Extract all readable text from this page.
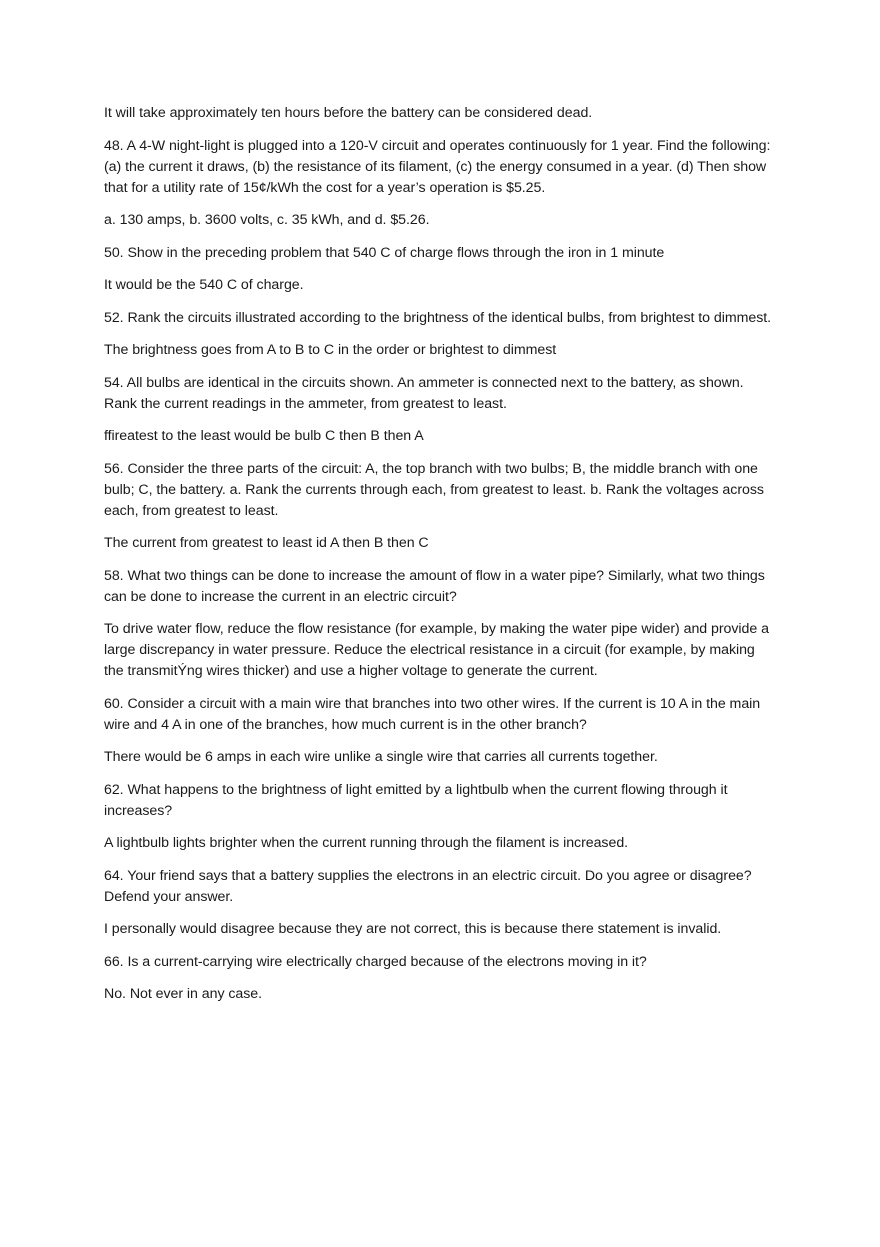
It will take approximately ten hours before the battery can be considered dead.

48. A 4-W night-light is plugged into a 120-V circuit and operates continuously for 1 year. Find the following: (a) the current it draws, (b) the resistance of its filament, (c) the energy consumed in a year. (d) Then show that for a utility rate of 15¢/kWh the cost for a year’s operation is $5.25.

a. 130 amps, b. 3600 volts, c. 35 kWh, and d. $5.26.

50. Show in the preceding problem that 540 C of charge flows through the iron in 1 minute

It would be the 540 C of charge.

52. Rank the circuits illustrated according to the brightness of the identical bulbs, from brightest to dimmest.

The brightness goes from A to B to C in the order or brightest to dimmest

54. All bulbs are identical in the circuits shown. An ammeter is connected next to the battery, as shown. Rank the current readings in the ammeter, from greatest to least.

ffireatest to the least would be bulb C then B then A

56. Consider the three parts of the circuit: A, the top branch with two bulbs; B, the middle branch with one bulb; C, the battery. a. Rank the currents through each, from greatest to least. b. Rank the voltages across each, from greatest to least.

The current from greatest to least id A then B then C

58. What two things can be done to increase the amount of flow in a water pipe? Similarly, what two things can be done to increase the current in an electric circuit?

To drive water flow, reduce the flow resistance (for example, by making the water pipe wider) and provide a large discrepancy in water pressure. Reduce the electrical resistance in a circuit (for example, by making the transmitÝng wires thicker) and use a higher voltage to generate the current.

60. Consider a circuit with a main wire that branches into two other wires. If the current is 10 A in the main wire and 4 A in one of the branches, how much current is in the other branch?

There would be 6 amps in each wire unlike a single wire that carries all currents together.

62. What happens to the brightness of light emitted by a lightbulb when the current flowing through it increases?

A lightbulb lights brighter when the current running through the filament is increased.

64. Your friend says that a battery supplies the electrons in an electric circuit. Do you agree or disagree? Defend your answer.

I personally would disagree because they are not correct, this is because there statement is invalid.

66. Is a current-carrying wire electrically charged because of the electrons moving in it?

No. Not ever in any case.
